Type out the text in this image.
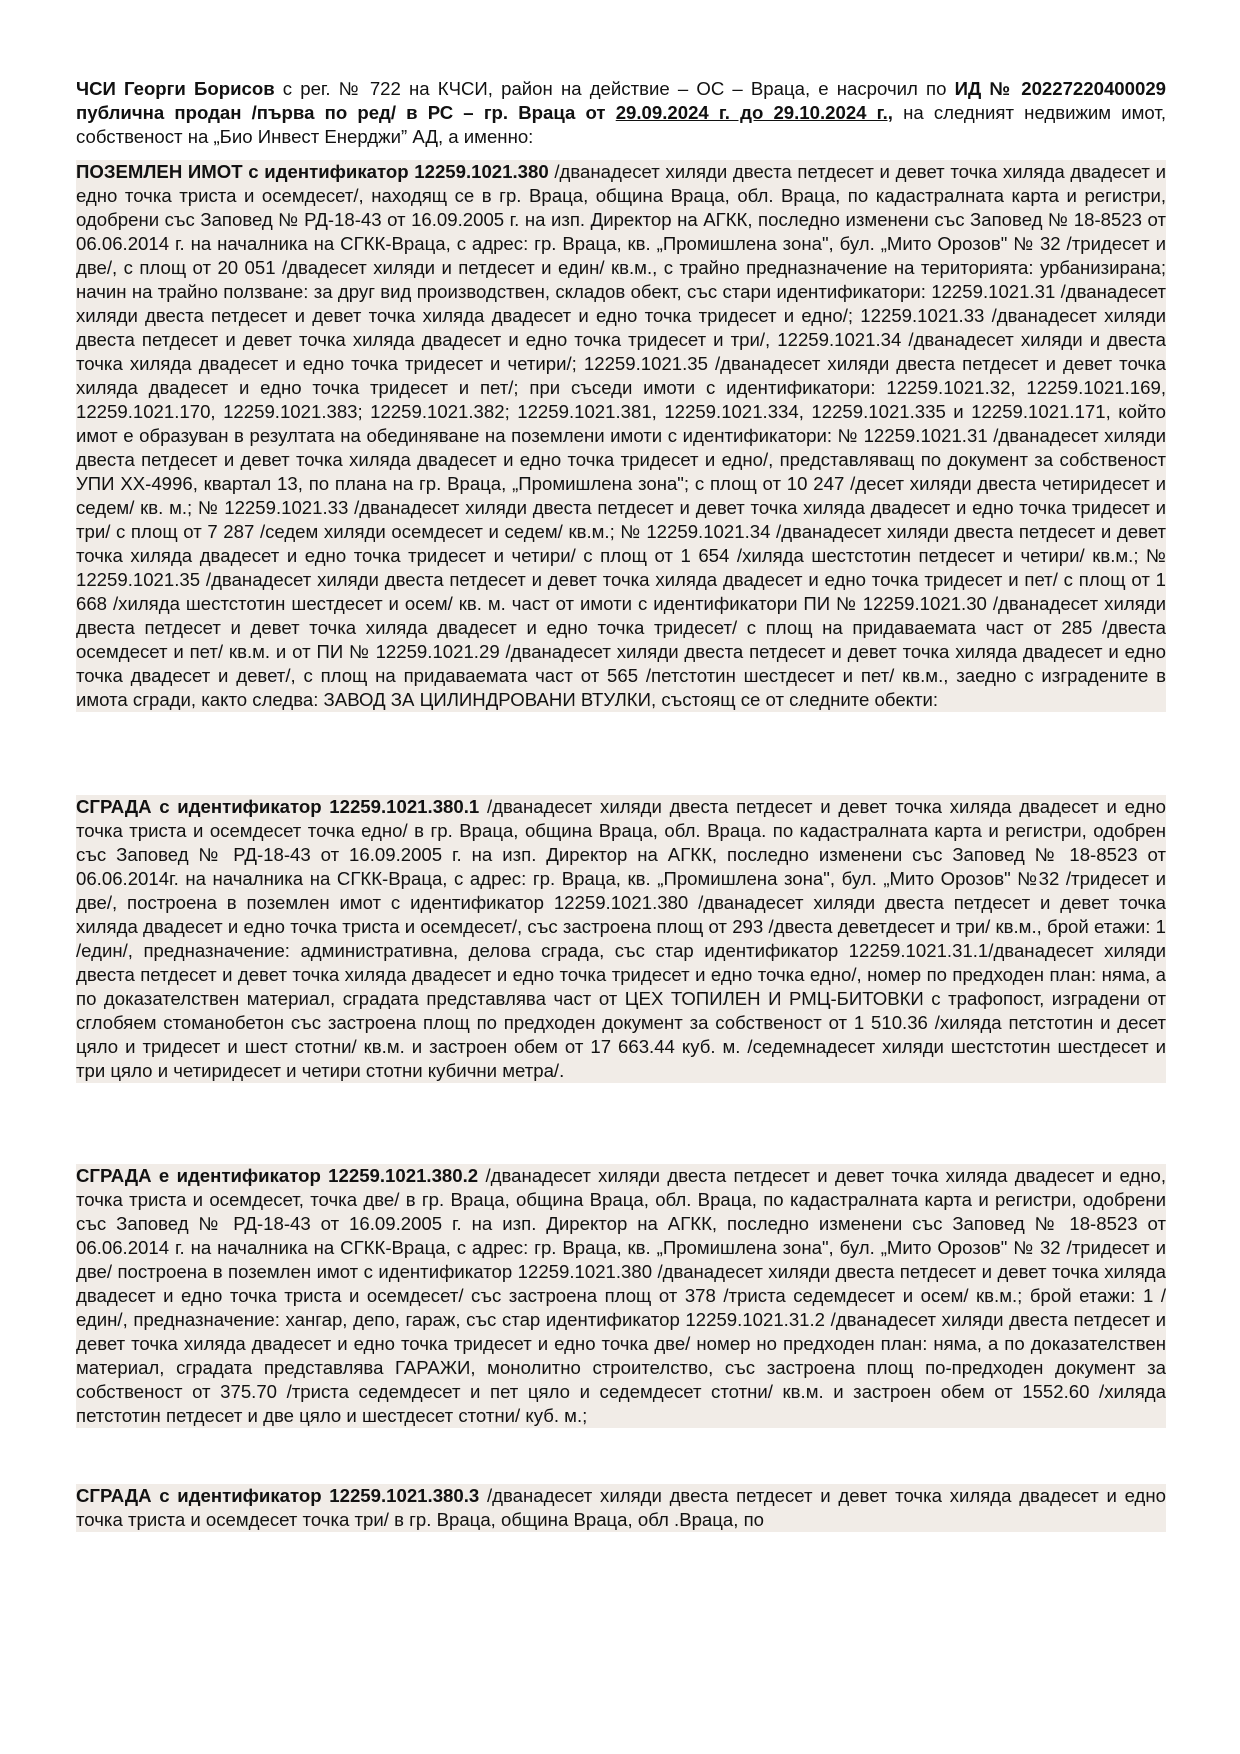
ЧСИ Георги Борисов с рег. № 722 на КЧСИ, район на действие – ОС – Враца, е насрочил по ИД № 20227220400029 публична продан /първа по ред/ в РС – гр. Враца от 29.09.2024 г. до 29.10.2024 г., на следният недвижим имот, собственост на „Био Инвест Енерджи” АД, а именно:

ПОЗЕМЛЕН ИМОТ с идентификатор 12259.1021.380 /дванадесет хиляди двеста петдесет и девет точка хиляда двадесет и едно точка триста и осемдесет/, находящ се в гр. Враца, община Враца, обл. Враца, по кадастралната карта и регистри, одобрени със Заповед № РД-18-43 от 16.09.2005 г. на изп. Директор на АГКК, последно изменени със Заповед № 18-8523 от 06.06.2014 г. на началника на СГКК-Враца, с адрес: гр. Враца, кв. „Промишлена зона", бул. „Мито Орозов" № 32 /тридесет и две/, с площ от 20 051 /двадесет хиляди и петдесет и един/ кв.м., с трайно предназначение на територията: урбанизирана; начин на трайно ползване: за друг вид производствен, складов обект, със стари идентификатори: 12259.1021.31 /дванадесет хиляди двеста петдесет и девет точка хиляда двадесет и едно точка тридесет и едно/; 12259.1021.33 /дванадесет хиляди двеста петдесет и девет точка хиляда двадесет и едно точка тридесет и три/, 12259.1021.34 /дванадесет хиляди и двеста точка хиляда двадесет и едно точка тридесет и четири/; 12259.1021.35 /дванадесет хиляди двеста петдесет и девет точка хиляда двадесет и едно точка тридесет и пет/; при съседи имоти с идентификатори: 12259.1021.32, 12259.1021.169, 12259.1021.170, 12259.1021.383; 12259.1021.382; 12259.1021.381, 12259.1021.334, 12259.1021.335 и 12259.1021.171, който имот е образуван в резултата на обединяване на поземлени имоти с идентификатори: № 12259.1021.31 /дванадесет хиляди двеста петдесет и девет точка хиляда двадесет и едно точка тридесет и едно/, представляващ по документ за собственост УПИ ХХ-4996, квартал 13, по плана на гр. Враца, „Промишлена зона"; с площ от 10 247 /десет хиляди двеста четиридесет и седем/ кв. м.; № 12259.1021.33 /дванадесет хиляди двеста петдесет и девет точка хиляда двадесет и едно точка тридесет и три/ с площ от 7 287 /седем хиляди осемдесет и седем/ кв.м.; № 12259.1021.34 /дванадесет хиляди двеста петдесет и девет точка хиляда двадесет и едно точка тридесет и четири/ с площ от 1 654 /хиляда шестстотин петдесет и четири/ кв.м.; № 12259.1021.35 /дванадесет хиляди двеста петдесет и девет точка хиляда двадесет и едно точка тридесет и пет/ с площ от 1 668 /хиляда шестстотин шестдесет и осем/ кв. м. част от имоти с идентификатори ПИ № 12259.1021.30 /дванадесет хиляди двеста петдесет и девет точка хиляда двадесет и едно точка тридесет/ с площ на придаваемата част от 285 /двеста осемдесет и пет/ кв.м. и от ПИ № 12259.1021.29 /дванадесет хиляди двеста петдесет и девет точка хиляда двадесет и едно точка двадесет и девет/, с площ на придаваемата част от 565 /петстотин шестдесет и пет/ кв.м., заедно с изградените в имота сгради, както следва: ЗАВОД ЗА ЦИЛИНДРОВАНИ ВТУЛКИ, състоящ се от следните обекти:

СГРАДА с идентификатор 12259.1021.380.1 /дванадесет хиляди двеста петдесет и девет точка хиляда двадесет и едно точка триста и осемдесет точка едно/ в гр. Враца, община Враца, обл. Враца. по кадастралната карта и регистри, одобрен със Заповед № РД-18-43 от 16.09.2005 г. на изп. Директор на АГКК, последно изменени със Заповед № 18-8523 от 06.06.2014г. на началника на СГКК-Враца, с адрес: гр. Враца, кв. „Промишлена зона", бул. „Мито Орозов" №32 /тридесет и две/, построена в поземлен имот с идентификатор 12259.1021.380 /дванадесет хиляди двеста петдесет и девет точка хиляда двадесет и едно точка триста и осемдесет/, със застроена площ от 293 /двеста деветдесет и три/ кв.м., брой етажи: 1 /един/, предназначение: административна, делова сграда, със стар идентификатор 12259.1021.31.1/дванадесет хиляди двеста петдесет и девет точка хиляда двадесет и едно точка тридесет и едно точка едно/, номер по предходен план: няма, а по доказателствен материал, сградата представлява част от ЦЕХ ТОПИЛЕН И РМЦ-БИТОВКИ с трафопост, изградени от сглобяем стоманобетон със застроена площ по предходен документ за собственост от 1 510.36 /хиляда петстотин и десет цяло и тридесет и шест стотни/ кв.м. и застроен обем от 17 663.44 куб. м. /седемнадесет хиляди шестстотин шестдесет и три цяло и четиридесет и четири стотни кубични метра/.

СГРАДА е идентификатор 12259.1021.380.2 /дванадесет хиляди двеста петдесет и девет точка хиляда двадесет и едно, точка триста и осемдесет, точка две/ в гр. Враца, община Враца, обл. Враца, по кадастралната карта и регистри, одобрени със Заповед № РД-18-43 от 16.09.2005 г. на изп. Директор на АГКК, последно изменени със Заповед № 18-8523 от 06.06.2014 г. на началника на СГКК-Враца, с адрес: гр. Враца, кв. „Промишлена зона", бул. „Мито Орозов" № 32 /тридесет и две/ построена в поземлен имот с идентификатор 12259.1021.380 /дванадесет хиляди двеста петдесет и девет точка хиляда двадесет и едно точка триста и осемдесет/ със застроена площ от 378 /триста седемдесет и осем/ кв.м.; брой етажи: 1 /един/, предназначение: хангар, депо, гараж, със стар идентификатор 12259.1021.31.2 /дванадесет хиляди двеста петдесет и девет точка хиляда двадесет и едно точка тридесет и едно точка две/ номер но предходен план: няма, а по доказателствен материал, сградата представлява ГАРАЖИ, монолитно строителство, със застроена площ по-предходен документ за собственост от 375.70 /триста седемдесет и пет цяло и седемдесет стотни/ кв.м. и застроен обем от 1552.60 /хиляда петстотин петдесет и две цяло и шестдесет стотни/ куб. м.;

СГРАДА с идентификатор 12259.1021.380.3 /дванадесет хиляди двеста петдесет и девет точка хиляда двадесет и едно точка триста и осемдесет точка три/ в гр. Враца, община Враца, обл .Враца, по
